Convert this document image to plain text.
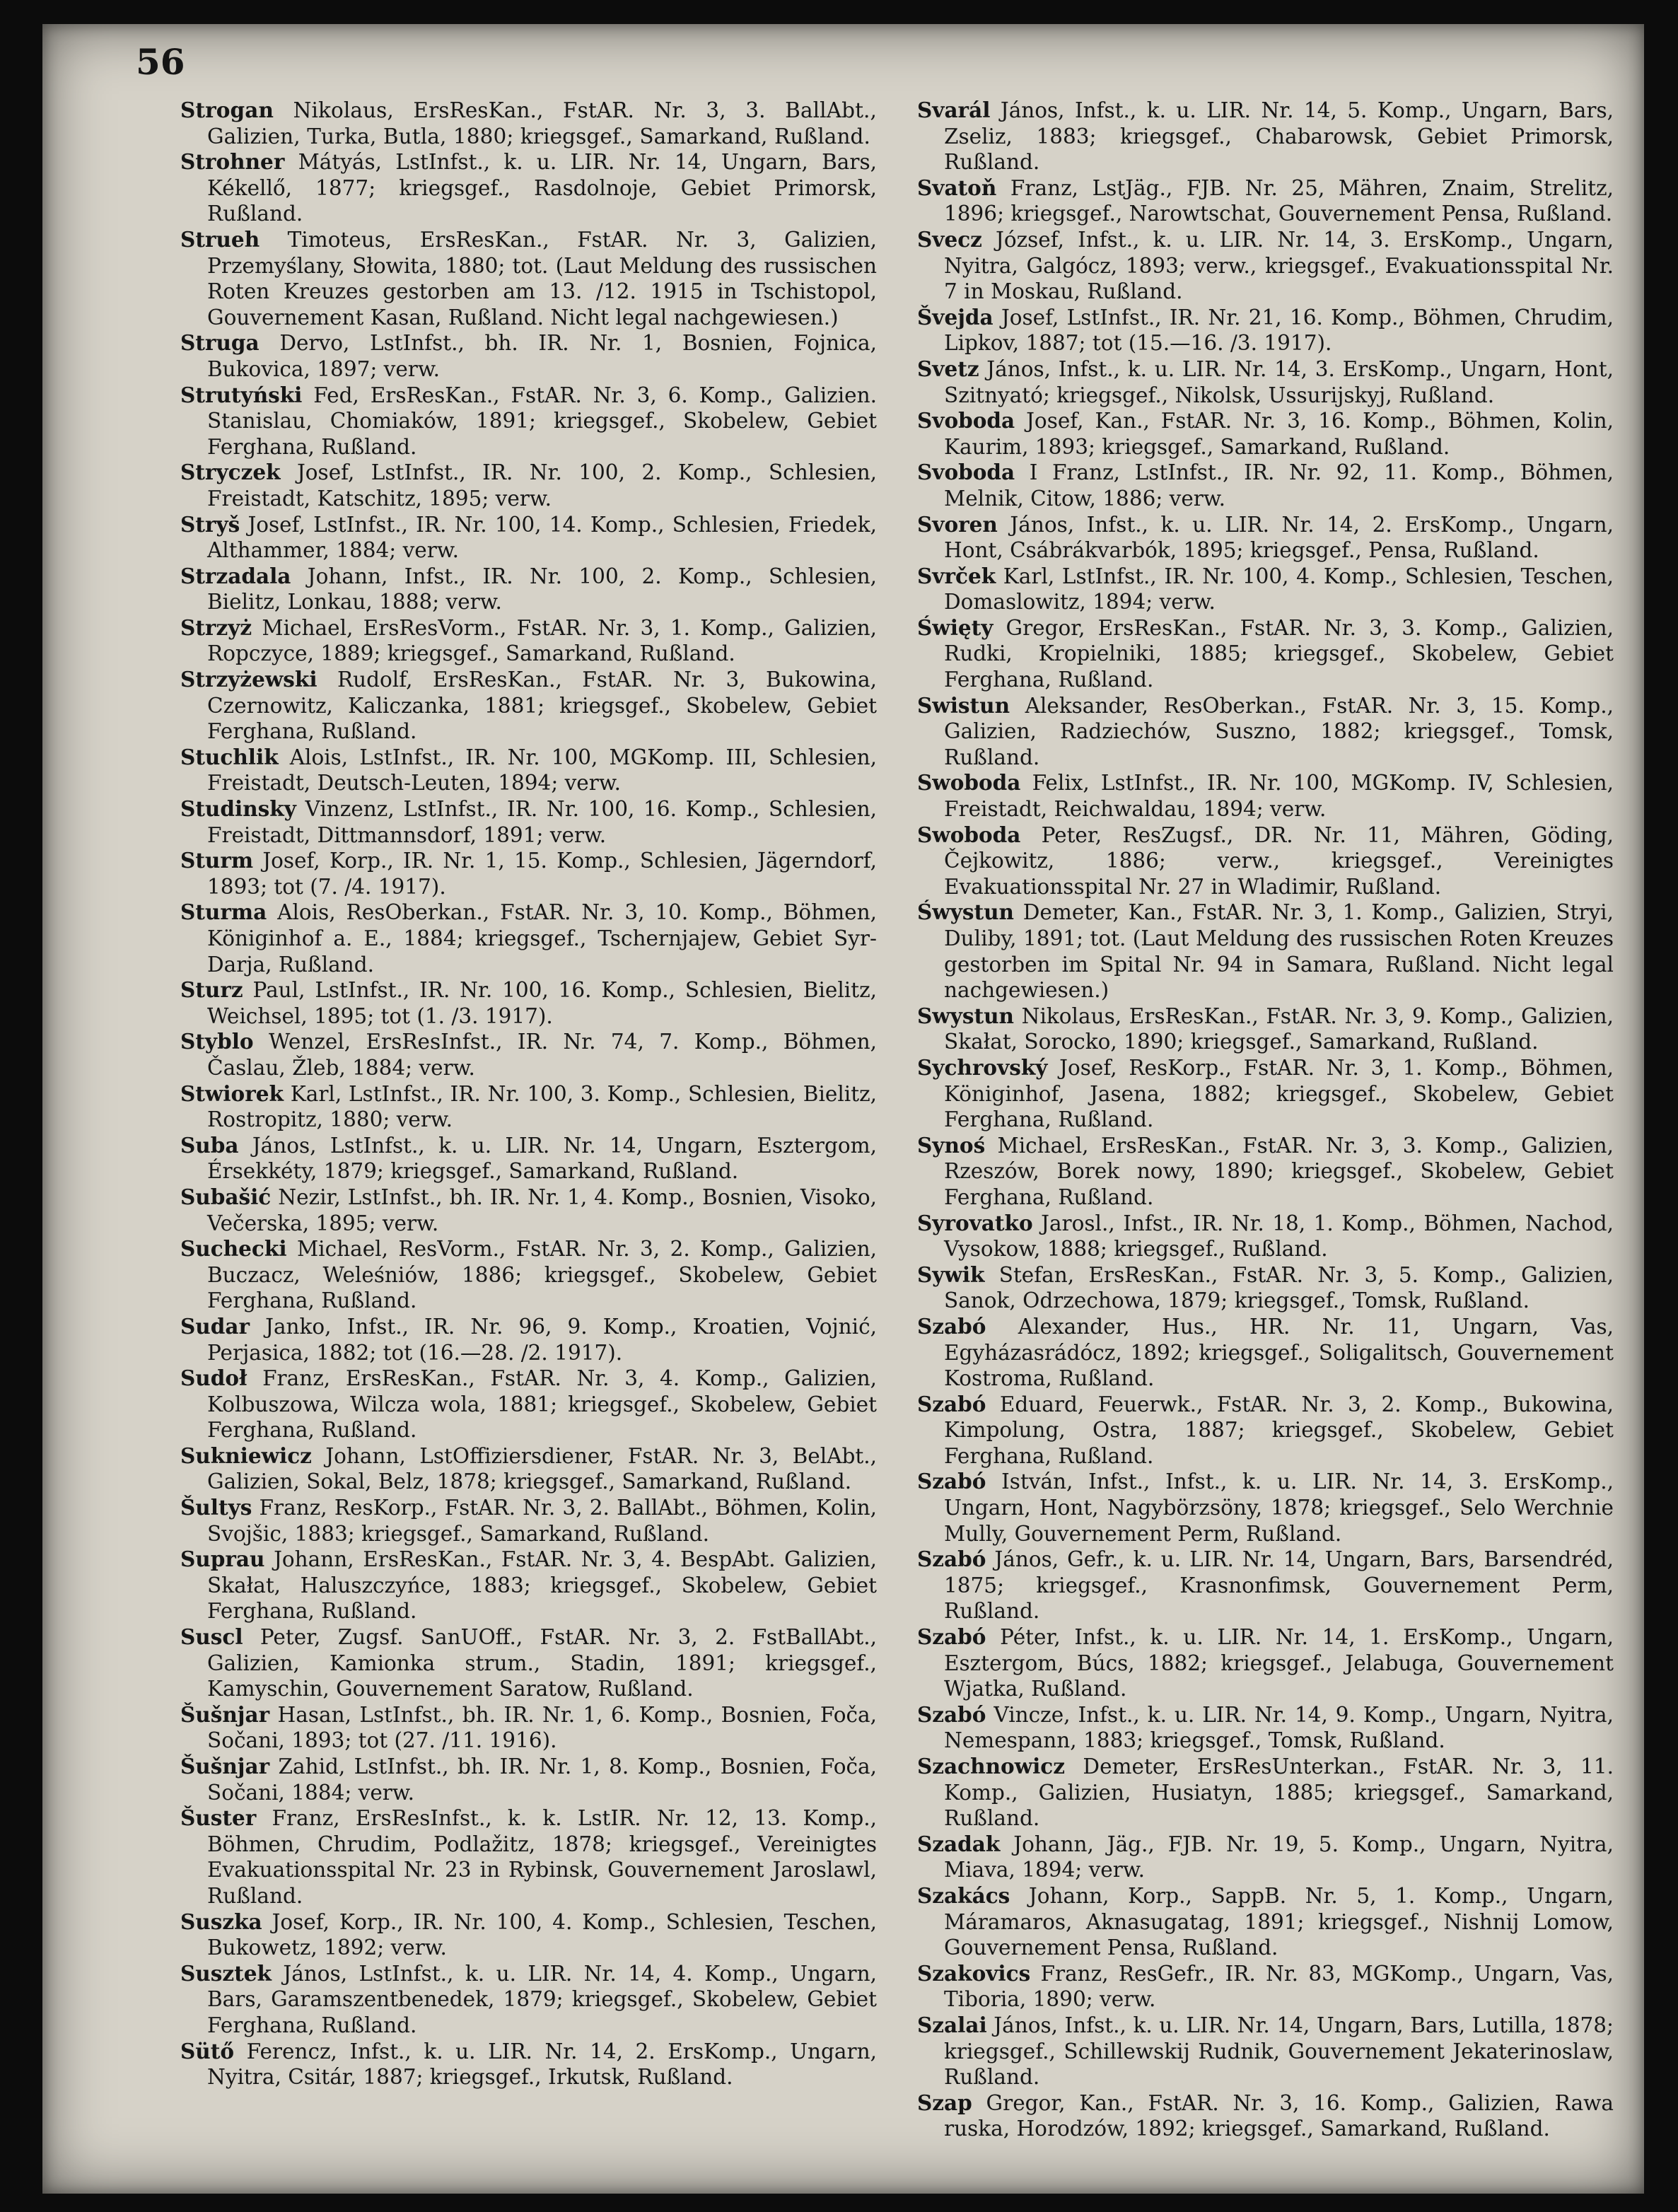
56

Strogan Nikolaus, ErsResKan., FstAR. Nr. 3, 3. BallAbt., Galizien, Turka, Butla, 1880; kriegsgef., Samarkand, Rußland.
Strohner Mátyás, LstInfst., k. u. LIR. Nr. 14, Ungarn, Bars, Kékellő, 1877; kriegsgef., Rasdolnoje, Gebiet Primorsk, Rußland.
Strueh Timoteus, ErsResKan., FstAR. Nr. 3, Galizien, Przemyślany, Słowita, 1880; tot. (Laut Meldung des russischen Roten Kreuzes gestorben am 13. /12. 1915 in Tschistopol, Gouvernement Kasan, Rußland. Nicht legal nachgewiesen.)
Struga Dervo, LstInfst., bh. IR. Nr. 1, Bosnien, Fojnica, Bukovica, 1897; verw.
Strutyński Fed, ErsResKan., FstAR. Nr. 3, 6. Komp., Galizien. Stanislau, Chomiaków, 1891; kriegsgef., Skobelew, Gebiet Ferghana, Rußland.
Stryczek Josef, LstInfst., IR. Nr. 100, 2. Komp., Schlesien, Freistadt, Katschitz, 1895; verw.
Stryš Josef, LstInfst., IR. Nr. 100, 14. Komp., Schlesien, Friedek, Althammer, 1884; verw.
Strzadala Johann, Infst., IR. Nr. 100, 2. Komp., Schlesien, Bielitz, Lonkau, 1888; verw.
Strzyż Michael, ErsResVorm., FstAR. Nr. 3, 1. Komp., Galizien, Ropczyce, 1889; kriegsgef., Samarkand, Rußland.
Strzyżewski Rudolf, ErsResKan., FstAR. Nr. 3, Bukowina, Czernowitz, Kaliczanka, 1881; kriegsgef., Skobelew, Gebiet Ferghana, Rußland.
Stuchlik Alois, LstInfst., IR. Nr. 100, MGKomp. III, Schlesien, Freistadt, Deutsch-Leuten, 1894; verw.
Studinsky Vinzenz, LstInfst., IR. Nr. 100, 16. Komp., Schlesien, Freistadt, Dittmannsdorf, 1891; verw.
Sturm Josef, Korp., IR. Nr. 1, 15. Komp., Schlesien, Jägerndorf, 1893; tot (7. /4. 1917).
Sturma Alois, ResOberkan., FstAR. Nr. 3, 10. Komp., Böhmen, Königinhof a. E., 1884; kriegsgef., Tschernjajew, Gebiet Syr-Darja, Rußland.
Sturz Paul, LstInfst., IR. Nr. 100, 16. Komp., Schlesien, Bielitz, Weichsel, 1895; tot (1. /3. 1917).
Styblo Wenzel, ErsResInfst., IR. Nr. 74, 7. Komp., Böhmen, Časlau, Žleb, 1884; verw.
Stwiorek Karl, LstInfst., IR. Nr. 100, 3. Komp., Schlesien, Bielitz, Rostropitz, 1880; verw.
Suba János, LstInfst., k. u. LIR. Nr. 14, Ungarn, Esztergom, Érsekkéty, 1879; kriegsgef., Samarkand, Rußland.
Subašić Nezir, LstInfst., bh. IR. Nr. 1, 4. Komp., Bosnien, Visoko, Večerska, 1895; verw.
Suchecki Michael, ResVorm., FstAR. Nr. 3, 2. Komp., Galizien, Buczacz, Weleśniów, 1886; kriegsgef., Skobelew, Gebiet Ferghana, Rußland.
Sudar Janko, Infst., IR. Nr. 96, 9. Komp., Kroatien, Vojnić, Perjasica, 1882; tot (16.—28. /2. 1917).
Sudoł Franz, ErsResKan., FstAR. Nr. 3, 4. Komp., Galizien, Kolbuszowa, Wilcza wola, 1881; kriegsgef., Skobelew, Gebiet Ferghana, Rußland.
Sukniewicz Johann, LstOffiziersdiener, FstAR. Nr. 3, BelAbt., Galizien, Sokal, Belz, 1878; kriegsgef., Samarkand, Rußland.
Šultys Franz, ResKorp., FstAR. Nr. 3, 2. BallAbt., Böhmen, Kolin, Svojšic, 1883; kriegsgef., Samarkand, Rußland.
Suprau Johann, ErsResKan., FstAR. Nr. 3, 4. BespAbt. Galizien, Skałat, Haluszczyńce, 1883; kriegsgef., Skobelew, Gebiet Ferghana, Rußland.
Suscl Peter, Zugsf. SanUOff., FstAR. Nr. 3, 2. FstBallAbt., Galizien, Kamionka strum., Stadin, 1891; kriegsgef., Kamyschin, Gouvernement Saratow, Rußland.
Šušnjar Hasan, LstInfst., bh. IR. Nr. 1, 6. Komp., Bosnien, Foča, Sočani, 1893; tot (27. /11. 1916).
Šušnjar Zahid, LstInfst., bh. IR. Nr. 1, 8. Komp., Bosnien, Foča, Sočani, 1884; verw.
Šuster Franz, ErsResInfst., k. k. LstIR. Nr. 12, 13. Komp., Böhmen, Chrudim, Podlažitz, 1878; kriegsgef., Vereinigtes Evakuationsspital Nr. 23 in Rybinsk, Gouvernement Jaroslawl, Rußland.
Suszka Josef, Korp., IR. Nr. 100, 4. Komp., Schlesien, Teschen, Bukowetz, 1892; verw.
Susztek János, LstInfst., k. u. LIR. Nr. 14, 4. Komp., Ungarn, Bars, Garamszentbenedek, 1879; kriegsgef., Skobelew, Gebiet Ferghana, Rußland.
Sütő Ferencz, Infst., k. u. LIR. Nr. 14, 2. ErsKomp., Ungarn, Nyitra, Csitár, 1887; kriegsgef., Irkutsk, Rußland.
Svarál János, Infst., k. u. LIR. Nr. 14, 5. Komp., Ungarn, Bars, Zseliz, 1883; kriegsgef., Chabarowsk, Gebiet Primorsk, Rußland.
Svatoň Franz, LstJäg., FJB. Nr. 25, Mähren, Znaim, Strelitz, 1896; kriegsgef., Narowtschat, Gouvernement Pensa, Rußland.
Svecz József, Infst., k. u. LIR. Nr. 14, 3. ErsKomp., Ungarn, Nyitra, Galgócz, 1893; verw., kriegsgef., Evakuationsspital Nr. 7 in Moskau, Rußland.
Švejda Josef, LstInfst., IR. Nr. 21, 16. Komp., Böhmen, Chrudim, Lipkov, 1887; tot (15.—16. /3. 1917).
Svetz János, Infst., k. u. LIR. Nr. 14, 3. ErsKomp., Ungarn, Hont, Szitnyató; kriegsgef., Nikolsk, Ussurijskyj, Rußland.
Svoboda Josef, Kan., FstAR. Nr. 3, 16. Komp., Böhmen, Kolin, Kaurim, 1893; kriegsgef., Samarkand, Rußland.
Svoboda I Franz, LstInfst., IR. Nr. 92, 11. Komp., Böhmen, Melnik, Citow, 1886; verw.
Svoren János, Infst., k. u. LIR. Nr. 14, 2. ErsKomp., Ungarn, Hont, Csábrákvarbók, 1895; kriegsgef., Pensa, Rußland.
Svrček Karl, LstInfst., IR. Nr. 100, 4. Komp., Schlesien, Teschen, Domaslowitz, 1894; verw.
Święty Gregor, ErsResKan., FstAR. Nr. 3, 3. Komp., Galizien, Rudki, Kropielniki, 1885; kriegsgef., Skobelew, Gebiet Ferghana, Rußland.
Swistun Aleksander, ResOberkan., FstAR. Nr. 3, 15. Komp., Galizien, Radziechów, Suszno, 1882; kriegsgef., Tomsk, Rußland.
Swoboda Felix, LstInfst., IR. Nr. 100, MGKomp. IV, Schlesien, Freistadt, Reichwaldau, 1894; verw.
Swoboda Peter, ResZugsf., DR. Nr. 11, Mähren, Göding, Čejkowitz, 1886; verw., kriegsgef., Vereinigtes Evakuationsspital Nr. 27 in Wladimir, Rußland.
Śwystun Demeter, Kan., FstAR. Nr. 3, 1. Komp., Galizien, Stryi, Duliby, 1891; tot. (Laut Meldung des russischen Roten Kreuzes gestorben im Spital Nr. 94 in Samara, Rußland. Nicht legal nachgewiesen.)
Swystun Nikolaus, ErsResKan., FstAR. Nr. 3, 9. Komp., Galizien, Skałat, Sorocko, 1890; kriegsgef., Samarkand, Rußland.
Sychrovský Josef, ResKorp., FstAR. Nr. 3, 1. Komp., Böhmen, Königinhof, Jasena, 1882; kriegsgef., Skobelew, Gebiet Ferghana, Rußland.
Synoś Michael, ErsResKan., FstAR. Nr. 3, 3. Komp., Galizien, Rzeszów, Borek nowy, 1890; kriegsgef., Skobelew, Gebiet Ferghana, Rußland.
Syrovatko Jarosl., Infst., IR. Nr. 18, 1. Komp., Böhmen, Nachod, Vysokow, 1888; kriegsgef., Rußland.
Sywik Stefan, ErsResKan., FstAR. Nr. 3, 5. Komp., Galizien, Sanok, Odrzechowa, 1879; kriegsgef., Tomsk, Rußland.
Szabó Alexander, Hus., HR. Nr. 11, Ungarn, Vas, Egyházasrádócz, 1892; kriegsgef., Soligalitsch, Gouvernement Kostroma, Rußland.
Szabó Eduard, Feuerwk., FstAR. Nr. 3, 2. Komp., Bukowina, Kimpolung, Ostra, 1887; kriegsgef., Skobelew, Gebiet Ferghana, Rußland.
Szabó István, Infst., Infst., k. u. LIR. Nr. 14, 3. ErsKomp., Ungarn, Hont, Nagybörzsöny, 1878; kriegsgef., Selo Werchnie Mully, Gouvernement Perm, Rußland.
Szabó János, Gefr., k. u. LIR. Nr. 14, Ungarn, Bars, Barsendréd, 1875; kriegsgef., Krasnonfimsk, Gouvernement Perm, Rußland.
Szabó Péter, Infst., k. u. LIR. Nr. 14, 1. ErsKomp., Ungarn, Esztergom, Búcs, 1882; kriegsgef., Jelabuga, Gouvernement Wjatka, Rußland.
Szabó Vincze, Infst., k. u. LIR. Nr. 14, 9. Komp., Ungarn, Nyitra, Nemespann, 1883; kriegsgef., Tomsk, Rußland.
Szachnowicz Demeter, ErsResUnterkan., FstAR. Nr. 3, 11. Komp., Galizien, Husiatyn, 1885; kriegsgef., Samarkand, Rußland.
Szadak Johann, Jäg., FJB. Nr. 19, 5. Komp., Ungarn, Nyitra, Miava, 1894; verw.
Szakács Johann, Korp., SappB. Nr. 5, 1. Komp., Ungarn, Máramaros, Aknasugatag, 1891; kriegsgef., Nishnij Lomow, Gouvernement Pensa, Rußland.
Szakovics Franz, ResGefr., IR. Nr. 83, MGKomp., Ungarn, Vas, Tiboria, 1890; verw.
Szalai János, Infst., k. u. LIR. Nr. 14, Ungarn, Bars, Lutilla, 1878; kriegsgef., Schillewskij Rudnik, Gouvernement Jekaterinoslaw, Rußland.
Szap Gregor, Kan., FstAR. Nr. 3, 16. Komp., Galizien, Rawa ruska, Horodzów, 1892; kriegsgef., Samarkand, Rußland.
